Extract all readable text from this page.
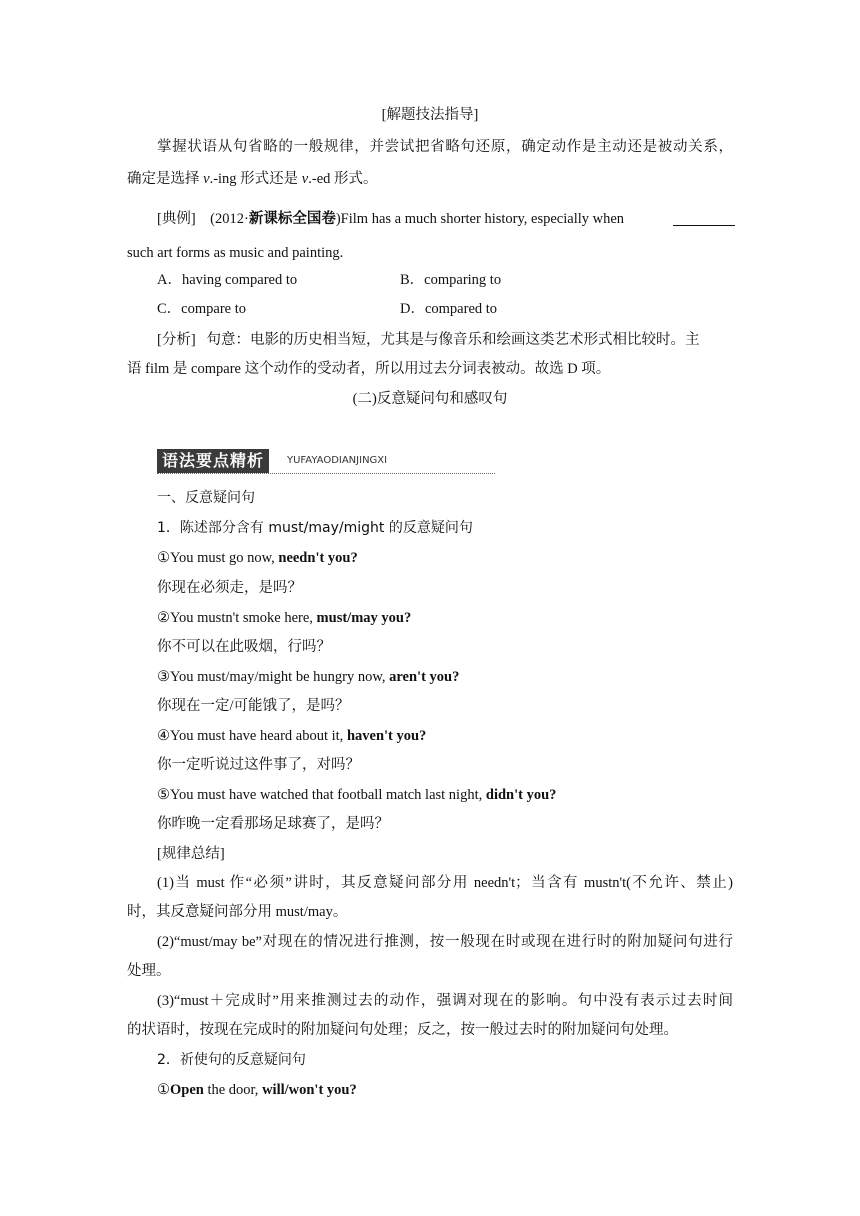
[解题技法指导]
掌握状语从句省略的一般规律，并尝试把省略句还原，确定动作是主动还是被动关系，
确定是选择 v.-ing 形式还是 v.-ed 形式。
[典例] (2012·新课标全国卷)Film has a much shorter history, especially when
such art forms as music and painting.
A．having compared to	B．comparing to
C．compare to	D．compared to
[分析] 句意：电影的历史相当短，尤其是与像音乐和绘画这类艺术形式相比较时。主
语 film 是 compare 这个动作的受动者，所以用过去分词表被动。故选 D 项。
(二)反意疑问句和感叹句
语法要点精析	YUFAYAODIANJINGXI
一、反意疑问句
1．陈述部分含有 must/may/might 的反意疑问句
①You must go now, needn't you?
你现在必须走，是吗？
②You mustn't smoke here, must/may you?
你不可以在此吸烟，行吗？
③You must/may/might be hungry now, aren't you?
你现在一定/可能饿了，是吗？
④You must have heard about it, haven't you?
你一定听说过这件事了，对吗？
⑤You must have watched that football match last night, didn't you?
你昨晚一定看那场足球赛了，是吗？
[规律总结]
(1)当 must 作“必须”讲时，其反意疑问部分用 needn't；当含有 mustn't(不允许、禁止)
时，其反意疑问部分用 must/may。
(2)“must/may be”对现在的情况进行推测，按一般现在时或现在进行时的附加疑问句进行
处理。
(3)“must＋完成时”用来推测过去的动作，强调对现在的影响。句中没有表示过去时间
的状语时，按现在完成时的附加疑问句处理；反之，按一般过去时的附加疑问句处理。
2．祈使句的反意疑问句
①Open the door, will/won't you?
